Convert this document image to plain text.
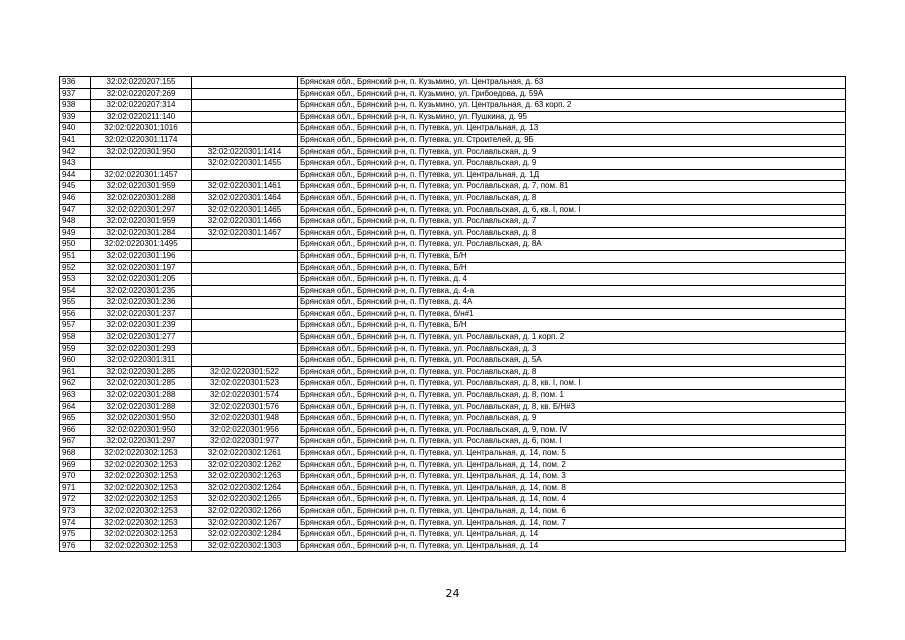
936	32:02:0220207:155		Брянская обл., Брянский р-н, п. Кузьмино, ул. Центральная, д. 63
937	32:02:0220207:269		Брянская обл., Брянский р-н, п. Кузьмино, ул. Грибоедова, д. 59А
938	32:02:0220207:314		Брянская обл., Брянский р-н, п. Кузьмино, ул. Центральная, д. 63 корп. 2
939	32:02:0220211:140		Брянская обл., Брянский р-н, п. Кузьмино, ул. Пушкина, д. 95
940	32:02:0220301:1016		Брянская обл., Брянский р-н, п. Путевка, ул. Центральная, д. 13
941	32:02:0220301:1174		Брянская обл., Брянский р-н, п. Путевка, ул. Строителей, д. 9Б
942	32:02:0220301:950	32:02:0220301:1414	Брянская обл., Брянский р-н, п. Путевка, ул. Рославльская, д. 9
943		32:02:0220301:1455	Брянская обл., Брянский р-н, п. Путевка, ул. Рославльская, д. 9
944	32:02:0220301:1457		Брянская обл., Брянский р-н, п. Путевка, ул. Центральная, д. 1Д
945	32:02:0220301:959	32:02:0220301:1461	Брянская обл., Брянский р-н, п. Путевка, ул. Рославльская, д. 7, пом. 81
946	32:02:0220301:288	32:02:0220301:1464	Брянская обл., Брянский р-н, п. Путевка, ул. Рославльская, д. 8
947	32:02:0220301:297	32:02:0220301:1465	Брянская обл., Брянский р-н, п. Путевка, ул. Рославльская, д. 6, кв. I, пом. I
948	32:02:0220301:959	32:02:0220301:1466	Брянская обл., Брянский р-н, п. Путевка, ул. Рославльская, д. 7
949	32:02:0220301:284	32:02:0220301:1467	Брянская обл., Брянский р-н, п. Путевка, ул. Рославльская, д. 8
950	32:02:0220301:1495		Брянская обл., Брянский р-н, п. Путевка, ул. Рославльская, д. 8А
951	32:02:0220301:196		Брянская обл., Брянский р-н, п. Путевка, Б/Н
952	32:02:0220301:197		Брянская обл., Брянский р-н, п. Путевка, Б/Н
953	32:02:0220301:205		Брянская обл., Брянский р-н, п. Путевка, д. 4
954	32:02:0220301:235		Брянская обл., Брянский р-н, п. Путевка, д. 4-а
955	32:02:0220301:236		Брянская обл., Брянский р-н, п. Путевка, д. 4А
956	32:02:0220301:237		Брянская обл., Брянский р-н, п. Путевка, б/н#1
957	32:02:0220301:239		Брянская обл., Брянский р-н, п. Путевка, Б/Н
958	32:02:0220301:277		Брянская обл., Брянский р-н, п. Путевка, ул. Рославльская, д. 1 корп. 2
959	32:02:0220301:293		Брянская обл., Брянский р-н, п. Путевка, ул. Рославльская, д. 3
960	32:02:0220301:311		Брянская обл., Брянский р-н, п. Путевка, ул. Рославльская, д. 5А
961	32:02:0220301:285	32:02:0220301:522	Брянская обл., Брянский р-н, п. Путевка, ул. Рославльская, д. 8
962	32:02:0220301:285	32:02:0220301:523	Брянская обл., Брянский р-н, п. Путевка, ул. Рославльская, д. 8, кв. I, пом. I
963	32:02:0220301:288	32:02:0220301:574	Брянская обл., Брянский р-н, п. Путевка, ул. Рославльская, д. 8, пом. 1
964	32:02:0220301:288	32:02:0220301:576	Брянская обл., Брянский р-н, п. Путевка, ул. Рославльская, д. 8, кв. Б/Н#3
965	32:02:0220301:950	32:02:0220301:948	Брянская обл., Брянский р-н, п. Путевка, ул. Рославльская, д. 9
966	32:02:0220301:950	32:02:0220301:956	Брянская обл., Брянский р-н, п. Путевка, ул. Рославльская, д. 9, пом. IV
967	32:02:0220301:297	32:02:0220301:977	Брянская обл., Брянский р-н, п. Путевка, ул. Рославльская, д. 6, пом. I
968	32:02:0220302:1253	32:02:0220302:1261	Брянская обл., Брянский р-н, п. Путевка, ул. Центральная, д. 14, пом. 5
969	32:02:0220302:1253	32:02:0220302:1262	Брянская обл., Брянский р-н, п. Путевка, ул. Центральная, д. 14, пом. 2
970	32:02:0220302:1253	32:02:0220302:1263	Брянская обл., Брянский р-н, п. Путевка, ул. Центральная, д. 14, пом. 3
971	32:02:0220302:1253	32:02:0220302:1264	Брянская обл., Брянский р-н, п. Путевка, ул. Центральная, д. 14, пом. 8
972	32:02:0220302:1253	32:02:0220302:1265	Брянская обл., Брянский р-н, п. Путевка, ул. Центральная, д. 14, пом. 4
973	32:02:0220302:1253	32:02:0220302:1266	Брянская обл., Брянский р-н, п. Путевка, ул. Центральная, д. 14, пом. 6
974	32:02:0220302:1253	32:02:0220302:1267	Брянская обл., Брянский р-н, п. Путевка, ул. Центральная, д. 14, пом. 7
975	32:02:0220302:1253	32:02:0220302:1284	Брянская обл., Брянский р-н, п. Путевка, ул. Центральная, д. 14
976	32:02:0220302:1253	32:02:0220302:1303	Брянская обл., Брянский р-н, п. Путевка, ул. Центральная, д. 14
24
